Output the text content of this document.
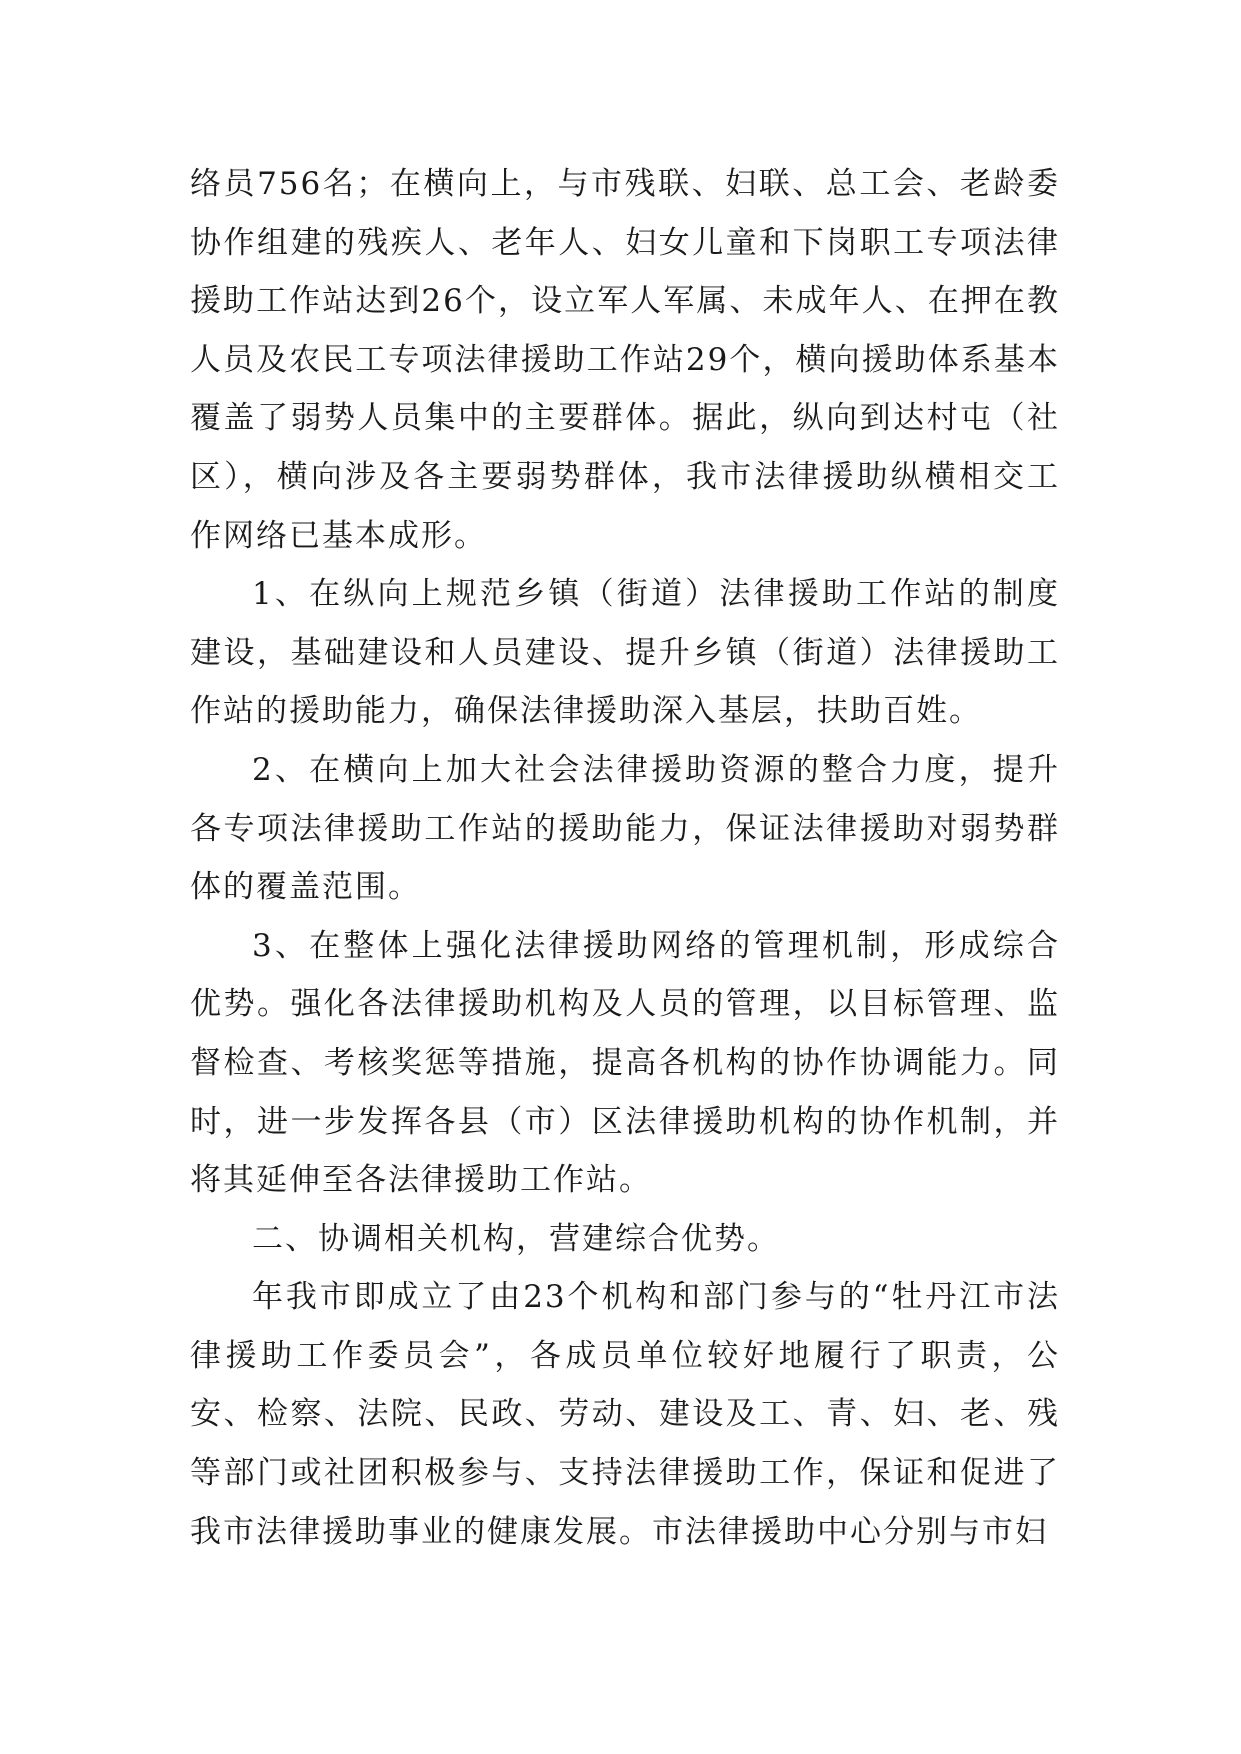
络员756名；在横向上，与市残联、妇联、总工会、老龄委协作组建的残疾人、老年人、妇女儿童和下岗职工专项法律援助工作站达到26个，设立军人军属、未成年人、在押在教人员及农民工专项法律援助工作站29个，横向援助体系基本覆盖了弱势人员集中的主要群体。据此，纵向到达村屯（社区），横向涉及各主要弱势群体，我市法律援助纵横相交工作网络已基本成形。

1、在纵向上规范乡镇（街道）法律援助工作站的制度建设，基础建设和人员建设、提升乡镇（街道）法律援助工作站的援助能力，确保法律援助深入基层，扶助百姓。

2、在横向上加大社会法律援助资源的整合力度，提升各专项法律援助工作站的援助能力，保证法律援助对弱势群体的覆盖范围。

3、在整体上强化法律援助网络的管理机制，形成综合优势。强化各法律援助机构及人员的管理，以目标管理、监督检查、考核奖惩等措施，提高各机构的协作协调能力。同时，进一步发挥各县（市）区法律援助机构的协作机制，并将其延伸至各法律援助工作站。

二、协调相关机构，营建综合优势。

年我市即成立了由23个机构和部门参与的“牡丹江市法律援助工作委员会”，各成员单位较好地履行了职责，公安、检察、法院、民政、劳动、建设及工、青、妇、老、残等部门或社团积极参与、支持法律援助工作，保证和促进了我市法律援助事业的健康发展。市法律援助中心分别与市妇
